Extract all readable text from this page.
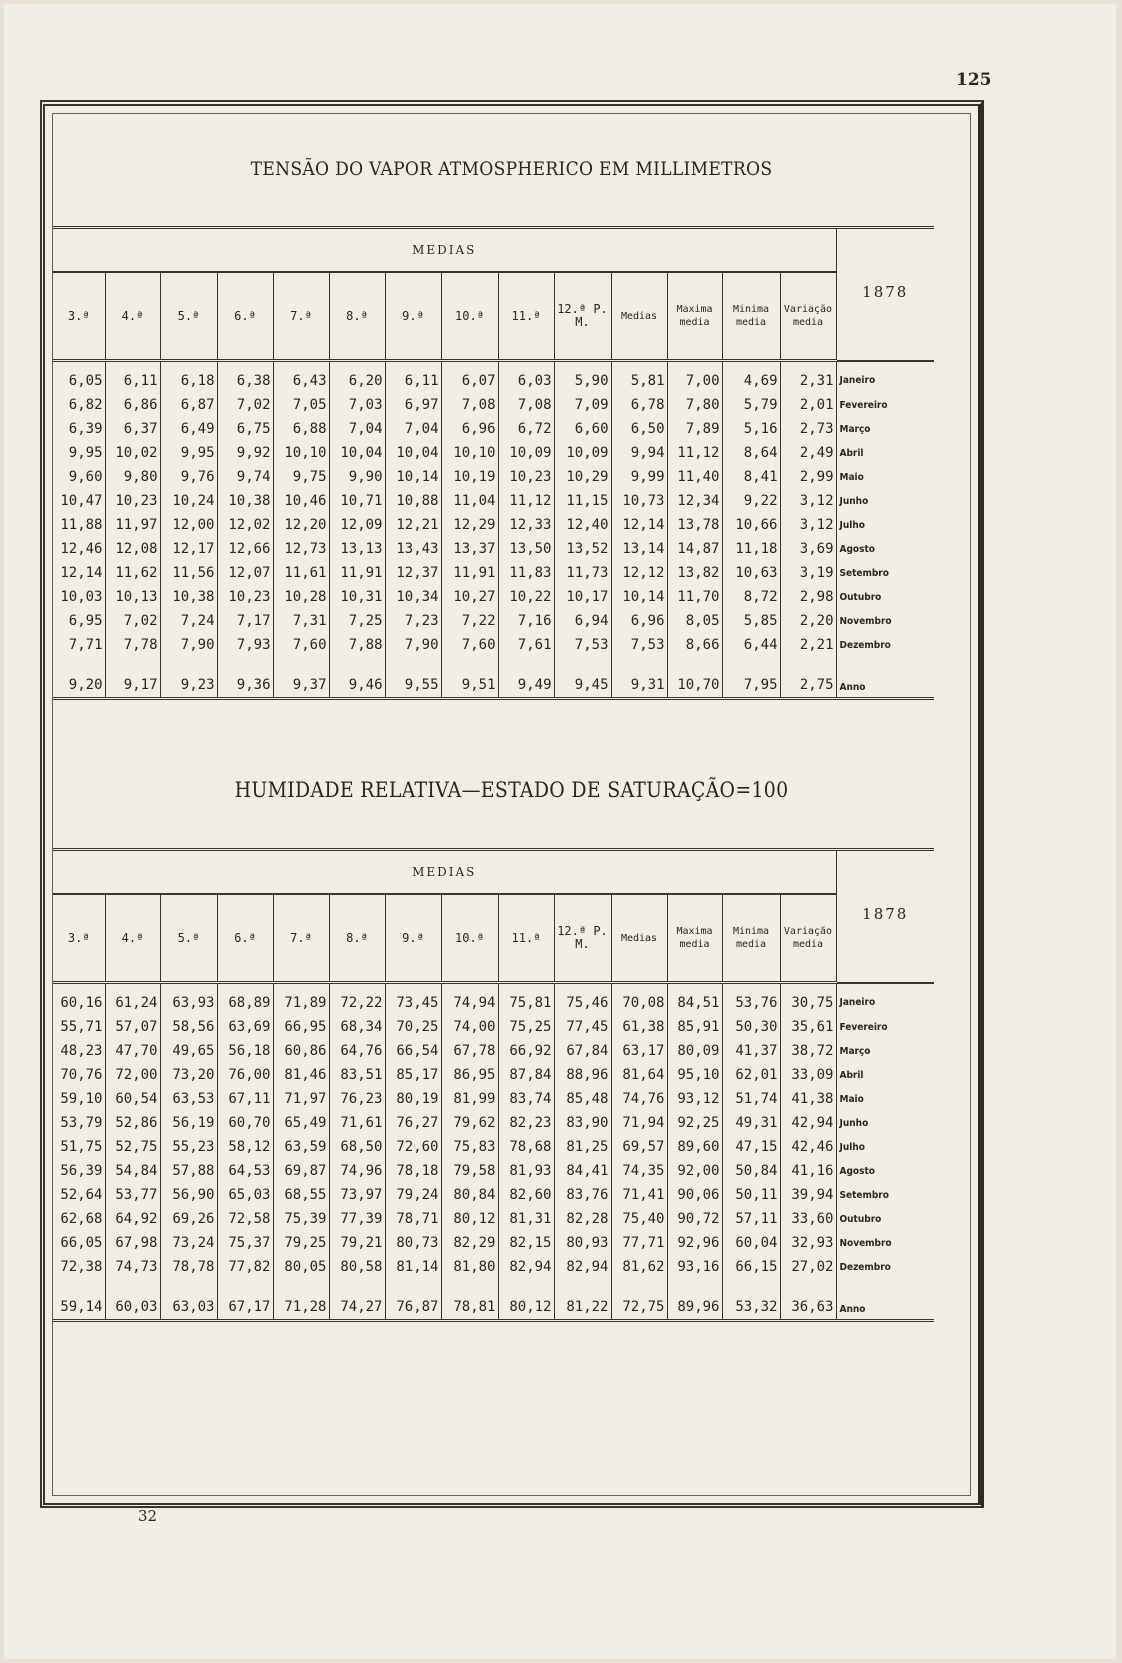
125
TENSÃO DO VAPOR ATMOSPHERICO EM MILLIMETROS
MEDIAS														1878
3.ª	4.ª	5.ª	6.ª	7.ª	8.ª	9.ª	10.ª	11.ª	12.ª P. M.	Medias	Maxima media	Minima media	Variação media	
6,05	6,11	6,18	6,38	6,43	6,20	6,11	6,07	6,03	5,90	5,81	7,00	4,69	2,31	Janeiro
6,82	6,86	6,87	7,02	7,05	7,03	6,97	7,08	7,08	7,09	6,78	7,80	5,79	2,01	Fevereiro
6,39	6,37	6,49	6,75	6,88	7,04	7,04	6,96	6,72	6,60	6,50	7,89	5,16	2,73	Março
9,95	10,02	9,95	9,92	10,10	10,04	10,04	10,10	10,09	10,09	9,94	11,12	8,64	2,49	Abril
9,60	9,80	9,76	9,74	9,75	9,90	10,14	10,19	10,23	10,29	9,99	11,40	8,41	2,99	Maio
10,47	10,23	10,24	10,38	10,46	10,71	10,88	11,04	11,12	11,15	10,73	12,34	9,22	3,12	Junho
11,88	11,97	12,00	12,02	12,20	12,09	12,21	12,29	12,33	12,40	12,14	13,78	10,66	3,12	Julho
12,46	12,08	12,17	12,66	12,73	13,13	13,43	13,37	13,50	13,52	13,14	14,87	11,18	3,69	Agosto
12,14	11,62	11,56	12,07	11,61	11,91	12,37	11,91	11,83	11,73	12,12	13,82	10,63	3,19	Setembro
10,03	10,13	10,38	10,23	10,28	10,31	10,34	10,27	10,22	10,17	10,14	11,70	8,72	2,98	Outubro
6,95	7,02	7,24	7,17	7,31	7,25	7,23	7,22	7,16	6,94	6,96	8,05	5,85	2,20	Novembro
7,71	7,78	7,90	7,93	7,60	7,88	7,90	7,60	7,61	7,53	7,53	8,66	6,44	2,21	Dezembro
9,20	9,17	9,23	9,36	9,37	9,46	9,55	9,51	9,49	9,45	9,31	10,70	7,95	2,75	Anno
HUMIDADE RELATIVA—ESTADO DE SATURAÇÃO=100
MEDIAS														1878
3.ª	4.ª	5.ª	6.ª	7.ª	8.ª	9.ª	10.ª	11.ª	12.ª P. M.	Medias	Maxima media	Minima media	Variação media	
60,16	61,24	63,93	68,89	71,89	72,22	73,45	74,94	75,81	75,46	70,08	84,51	53,76	30,75	Janeiro
55,71	57,07	58,56	63,69	66,95	68,34	70,25	74,00	75,25	77,45	61,38	85,91	50,30	35,61	Fevereiro
48,23	47,70	49,65	56,18	60,86	64,76	66,54	67,78	66,92	67,84	63,17	80,09	41,37	38,72	Março
70,76	72,00	73,20	76,00	81,46	83,51	85,17	86,95	87,84	88,96	81,64	95,10	62,01	33,09	Abril
59,10	60,54	63,53	67,11	71,97	76,23	80,19	81,99	83,74	85,48	74,76	93,12	51,74	41,38	Maio
53,79	52,86	56,19	60,70	65,49	71,61	76,27	79,62	82,23	83,90	71,94	92,25	49,31	42,94	Junho
51,75	52,75	55,23	58,12	63,59	68,50	72,60	75,83	78,68	81,25	69,57	89,60	47,15	42,46	Julho
56,39	54,84	57,88	64,53	69,87	74,96	78,18	79,58	81,93	84,41	74,35	92,00	50,84	41,16	Agosto
52,64	53,77	56,90	65,03	68,55	73,97	79,24	80,84	82,60	83,76	71,41	90,06	50,11	39,94	Setembro
62,68	64,92	69,26	72,58	75,39	77,39	78,71	80,12	81,31	82,28	75,40	90,72	57,11	33,60	Outubro
66,05	67,98	73,24	75,37	79,25	79,21	80,73	82,29	82,15	80,93	77,71	92,96	60,04	32,93	Novembro
72,38	74,73	78,78	77,82	80,05	80,58	81,14	81,80	82,94	82,94	81,62	93,16	66,15	27,02	Dezembro
59,14	60,03	63,03	67,17	71,28	74,27	76,87	78,81	80,12	81,22	72,75	89,96	53,32	36,63	Anno
32
